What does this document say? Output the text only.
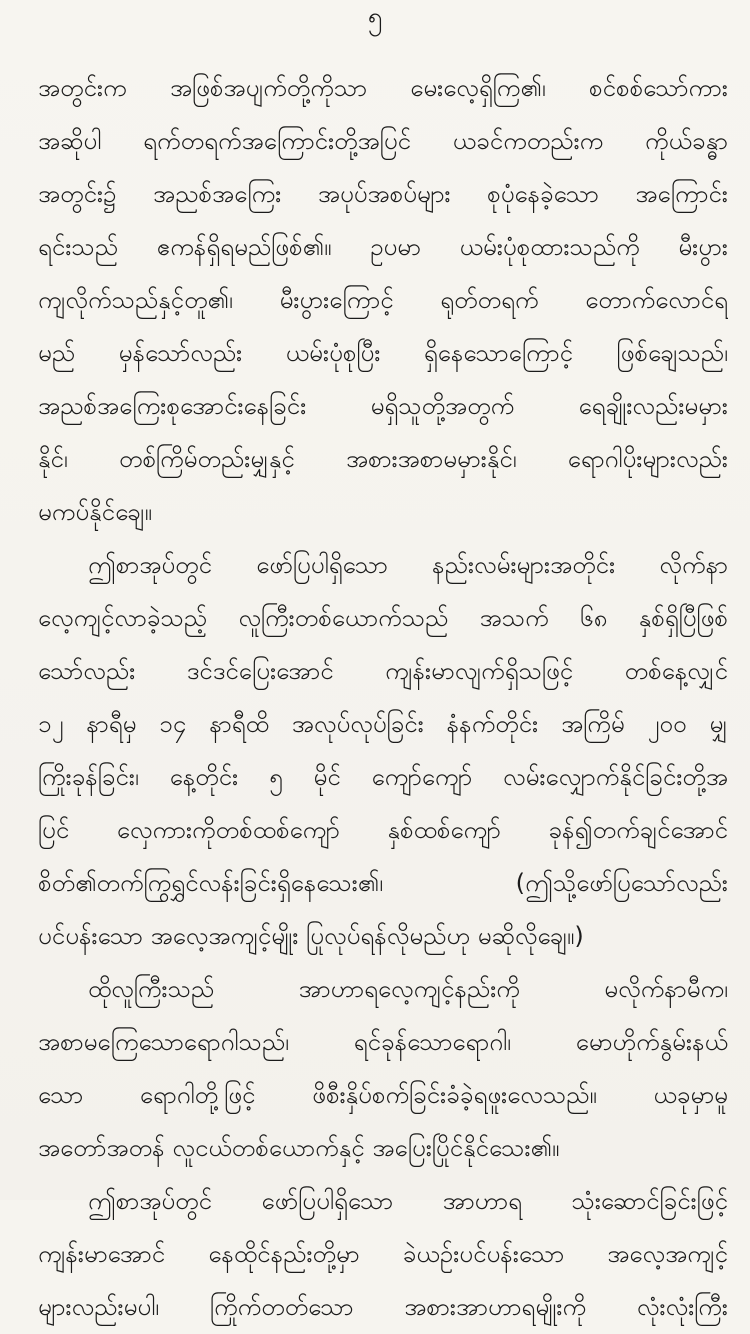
၅
အတွင်းက အဖြစ်အပျက်တို့ကိုသာ မေးလေ့ရှိကြ၏၊ စင်စစ်သော်ကား
အဆိုပါ ရက်တရက်အကြောင်းတို့အပြင် ယခင်ကတည်းက ကိုယ်ခန္ဓာ
အတွင်း၌ အညစ်အကြေး အပုပ်အစပ်များ စုပုံနေခဲ့သော အကြောင်း
ရင်းသည် ဧကန်ရှိရမည်ဖြစ်၏။ ဥပမာ ယမ်းပုံစုထားသည်ကို မီးပွား
ကျလိုက်သည်နှင့်တူ၏၊ မီးပွားကြောင့် ရုတ်တရက် တောက်လောင်ရ
မည် မှန်သော်လည်း ယမ်းပုံစုပြီး ရှိနေသောကြောင့် ဖြစ်ချေသည်၊
အညစ်အကြေးစုအောင်းနေခြင်း မရှိသူတို့အတွက် ရေချိုးလည်းမမှား
နိုင်၊ တစ်ကြိမ်တည်းမျှနှင့် အစားအစာမမှားနိုင်၊ ရောဂါပိုးများလည်း
မကပ်နိုင်ချေ။
ဤစာအုပ်တွင် ဖော်ပြပါရှိသော နည်းလမ်းများအတိုင်း လိုက်နာ
လေ့ကျင့်လာခဲ့သည့် လူကြီးတစ်ယောက်သည် အသက် ၆၈ နှစ်ရှိပြီဖြစ်
သော်လည်း ဒင်ဒင်ပြေးအောင် ကျန်းမာလျက်ရှိသဖြင့် တစ်နေ့လျှင်
၁၂ နာရီမှ ၁၄ နာရီထိ အလုပ်လုပ်ခြင်း နံနက်တိုင်း အကြိမ် ၂၀၀ မျှ
ကြိုးခုန်ခြင်း၊ နေ့တိုင်း ၅ မိုင် ကျော်ကျော် လမ်းလျှောက်နိုင်ခြင်းတို့အ
ပြင် လှေကားကိုတစ်ထစ်ကျော် နှစ်ထစ်ကျော် ခုန်၍တက်ချင်အောင်
စိတ်၏တက်ကြွရွှင်လန်းခြင်းရှိနေသေး၏၊ (ဤသို့ဖော်ပြသော်လည်း
ပင်ပန်းသော အလေ့အကျင့်မျိုး ပြုလုပ်ရန်လိုမည်ဟု မဆိုလိုချေ။)
ထိုလူကြီးသည် အာဟာရလေ့ကျင့်နည်းကို မလိုက်နာမီက၊
အစာမကြေသောရောဂါသည်၊ ရင်ခုန်သောရောဂါ၊ မောဟိုက်နွမ်းနယ်
သော ရောဂါတို့ဖြင့် ဖိစီးနှိပ်စက်ခြင်းခံခဲ့ရဖူးလေသည်။ ယခုမှာမူ
အတော်အတန် လူငယ်တစ်ယောက်နှင့် အပြေးပြိုင်နိုင်သေး၏။
ဤစာအုပ်တွင် ဖော်ပြပါရှိသော အာဟာရ သုံးဆောင်ခြင်းဖြင့်
ကျန်းမာအောင် နေထိုင်နည်းတို့မှာ ခဲယဉ်းပင်ပန်းသော အလေ့အကျင့်
များလည်းမပါ၊ ကြိုက်တတ်သော အစားအာဟာရမျိုးကို လုံးလုံးကြီး
